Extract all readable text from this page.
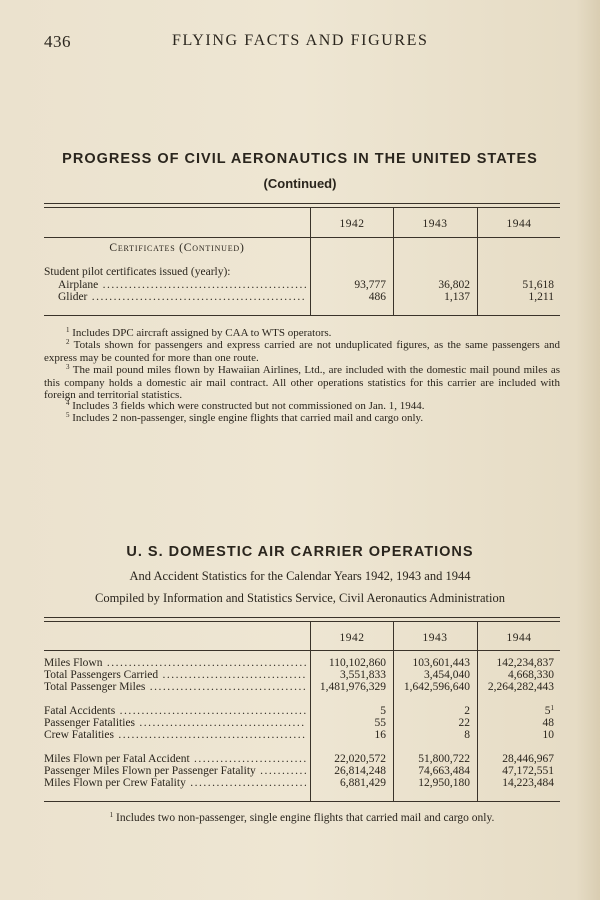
436	FLYING FACTS AND FIGURES
PROGRESS OF CIVIL AERONAUTICS IN THE UNITED STATES
(Continued)
1942	1943	1944
Certificates (Continued)
Student pilot certificates issued (yearly):
Airplane .....	93,777	36,802	51,618
Glider .....	486	1,137	1,211
$^1$ Includes DPC aircraft assigned by CAA to WTS operators.
$^2$ Totals shown for passengers and express carried are not unduplicated figures, as the same passengers and express may be counted for more than one route.
$^3$ The mail pound miles flown by Hawaiian Airlines, Ltd., are included with the domestic mail pound miles as this company holds a domestic air mail contract. All other operations statistics for this carrier are included with foreign and territorial statistics.
$^4$ Includes 3 fields which were constructed but not commissioned on Jan. 1, 1944.
$^5$ Includes 2 non-passenger, single engine flights that carried mail and cargo only.
U. S. DOMESTIC AIR CARRIER OPERATIONS
And Accident Statistics for the Calendar Years 1942, 1943 and 1944
Compiled by Information and Statistics Service, Civil Aeronautics Administration
1942	1943	1944
Miles Flown .....	110,102,860	103,601,443	142,234,837
Total Passengers Carried .....	3,551,833	3,454,040	4,668,330
Total Passenger Miles .....	1,481,976,329	1,642,596,640	2,264,282,443
Fatal Accidents .....	5	2	$5^1$
Passenger Fatalities .....	55	22	48
Crew Fatalities .....	16	8	10
Miles Flown per Fatal Accident .....	22,020,572	51,800,722	28,446,967
Passenger Miles Flown per Passenger Fatality .....	26,814,248	74,663,484	47,172,551
Miles Flown per Crew Fatality .....	6,881,429	12,950,180	14,223,484
$^1$ Includes two non-passenger, single engine flights that carried mail and cargo only.
